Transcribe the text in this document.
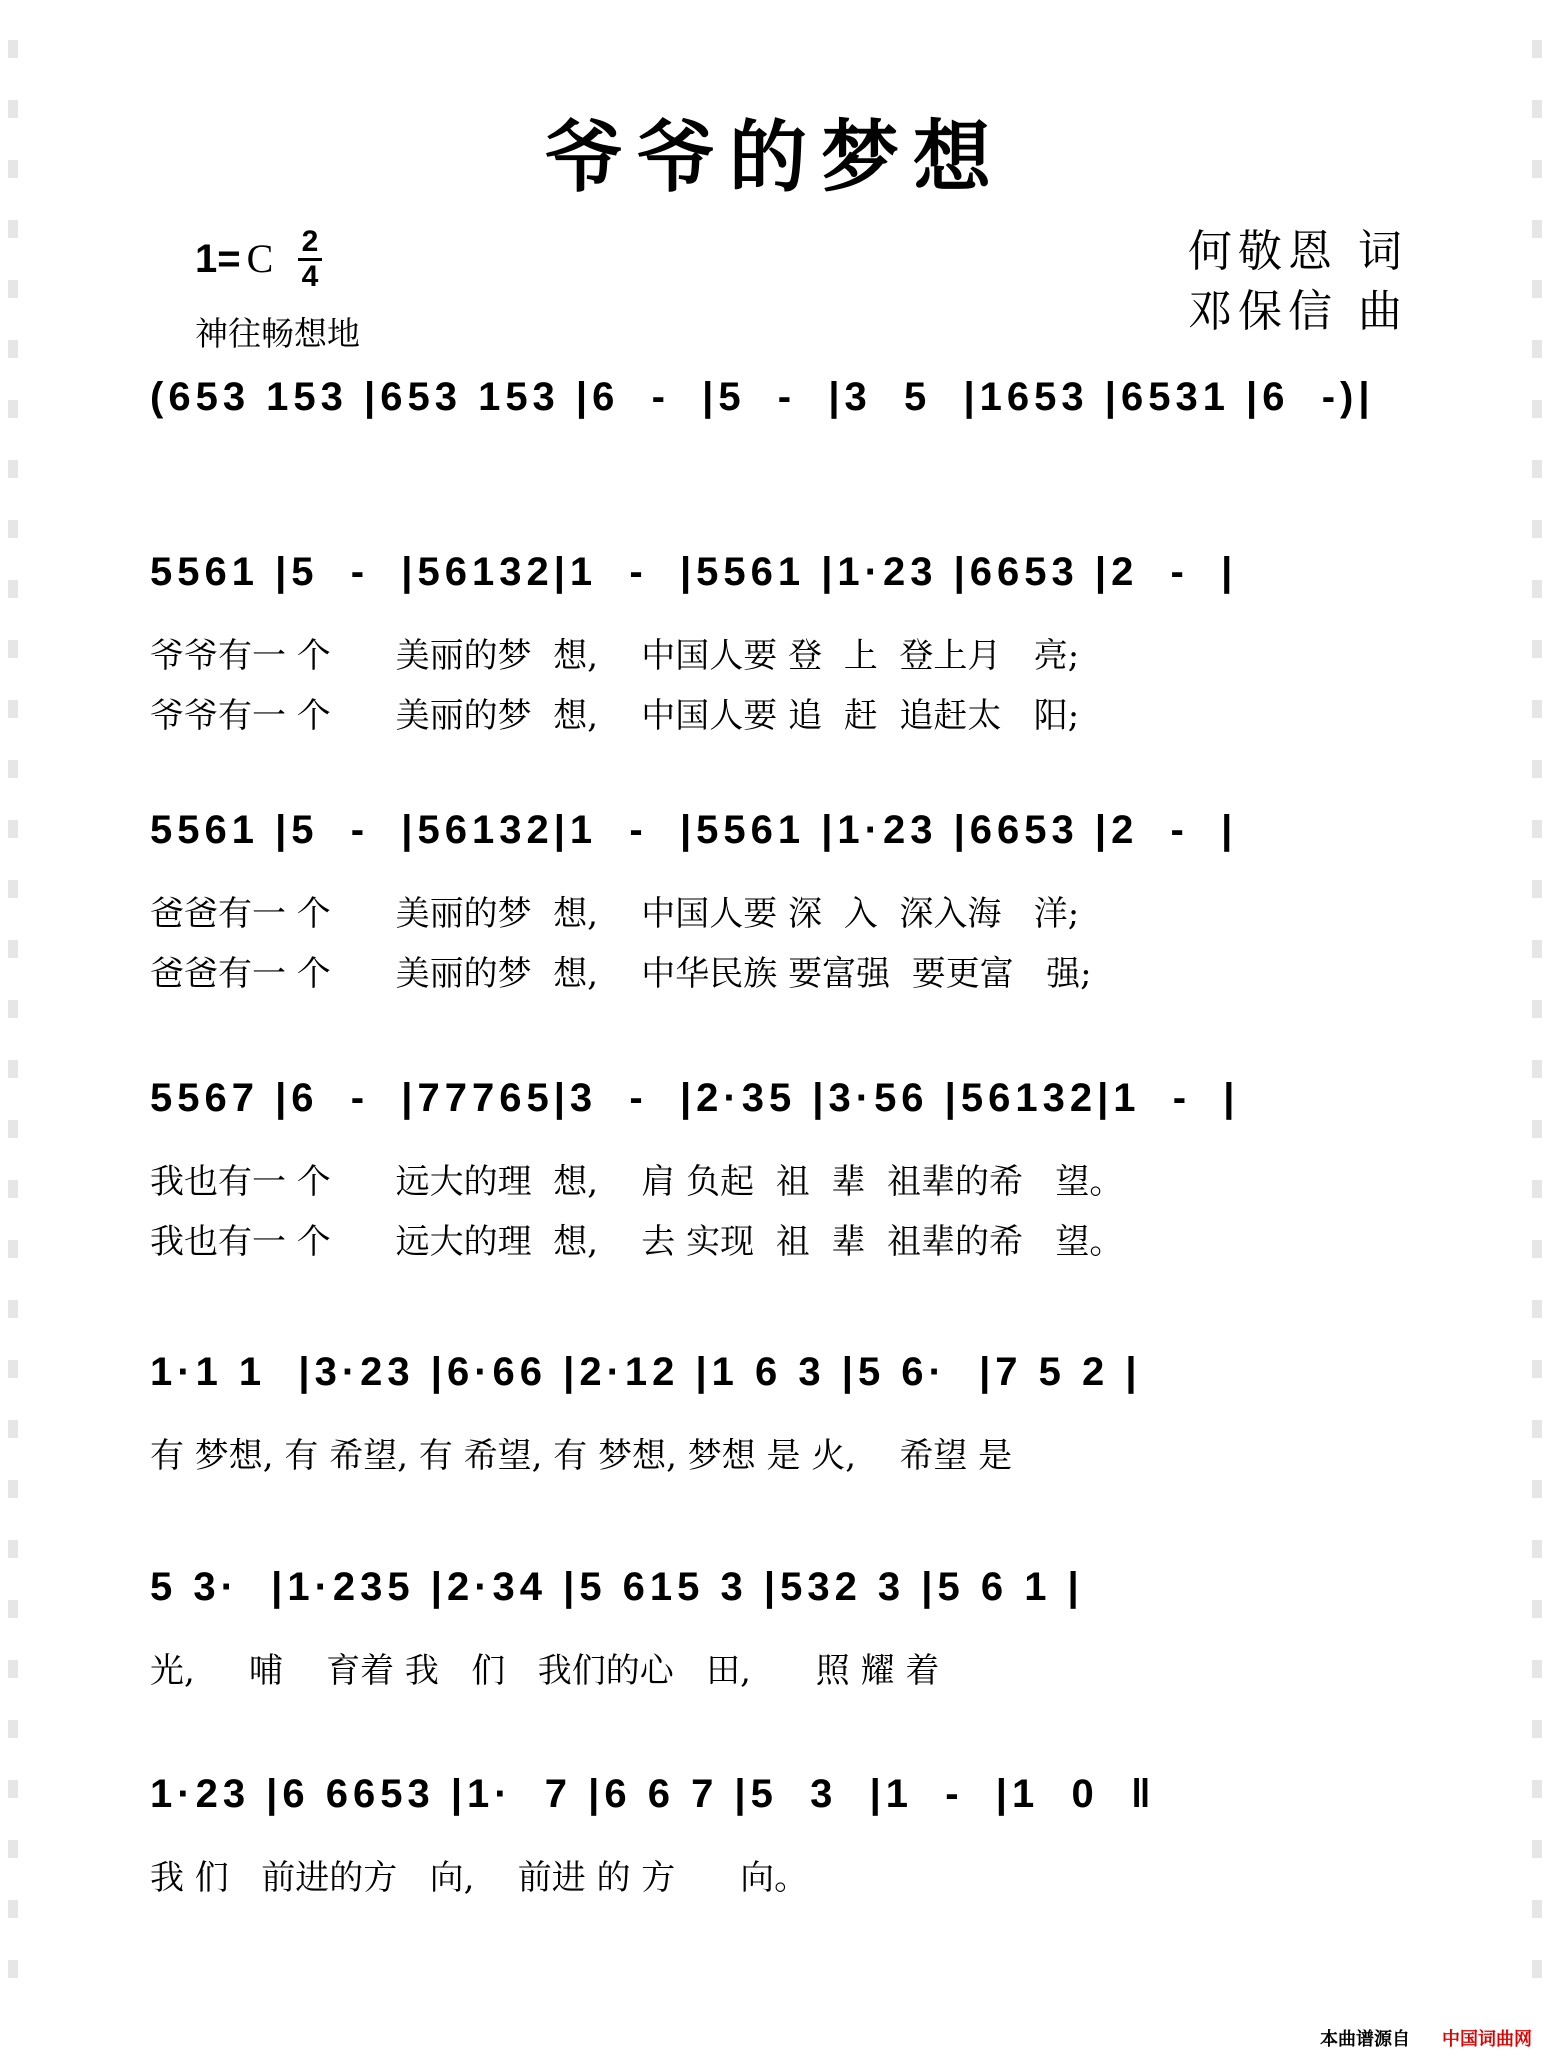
爷爷的梦想
何敬恩 词
邓保信 曲
1= C $\frac{2}{4}$
神往畅想地
(653 153 |653 153 |6  -  |5  -  |3  5  |1653 |6531 |6  -)|
5561 |5  -  |56132|1  -  |5561 |1·23 |6653 |2  -  |
爷爷有一 个      美丽的梦  想,    中国人要 登  上  登上月   亮;
爷爷有一 个      美丽的梦  想,    中国人要 追  赶  追赶太   阳;
5561 |5  -  |56132|1  -  |5561 |1·23 |6653 |2  -  |
爸爸有一 个      美丽的梦  想,    中国人要 深  入  深入海   洋;
爸爸有一 个      美丽的梦  想,    中华民族 要富强  要更富   强;
5567 |6  -  |77765|3  -  |2·35 |3·56 |56132|1  -  |
我也有一 个      远大的理  想,    肩 负起  祖  辈  祖辈的希   望。
我也有一 个      远大的理  想,    去 实现  祖  辈  祖辈的希   望。
1·1 1  |3·23 |6·66 |2·12 |1 6 3 |5 6·  |7 5 2 |
有 梦想, 有 希望, 有 希望, 有 梦想, 梦想 是 火,    希望 是
5 3·  |1·235 |2·34 |5 615 3 |532 3 |5 6 1 |
光,     哺    育着 我   们   我们的心   田,      照 耀 着
1·23 |6 6653 |1·  7 |6 6 7 |5  3  |1  -  |1  0  ‖
我 们   前进的方   向,    前进 的 方      向。
本曲谱源自 中国词曲网
